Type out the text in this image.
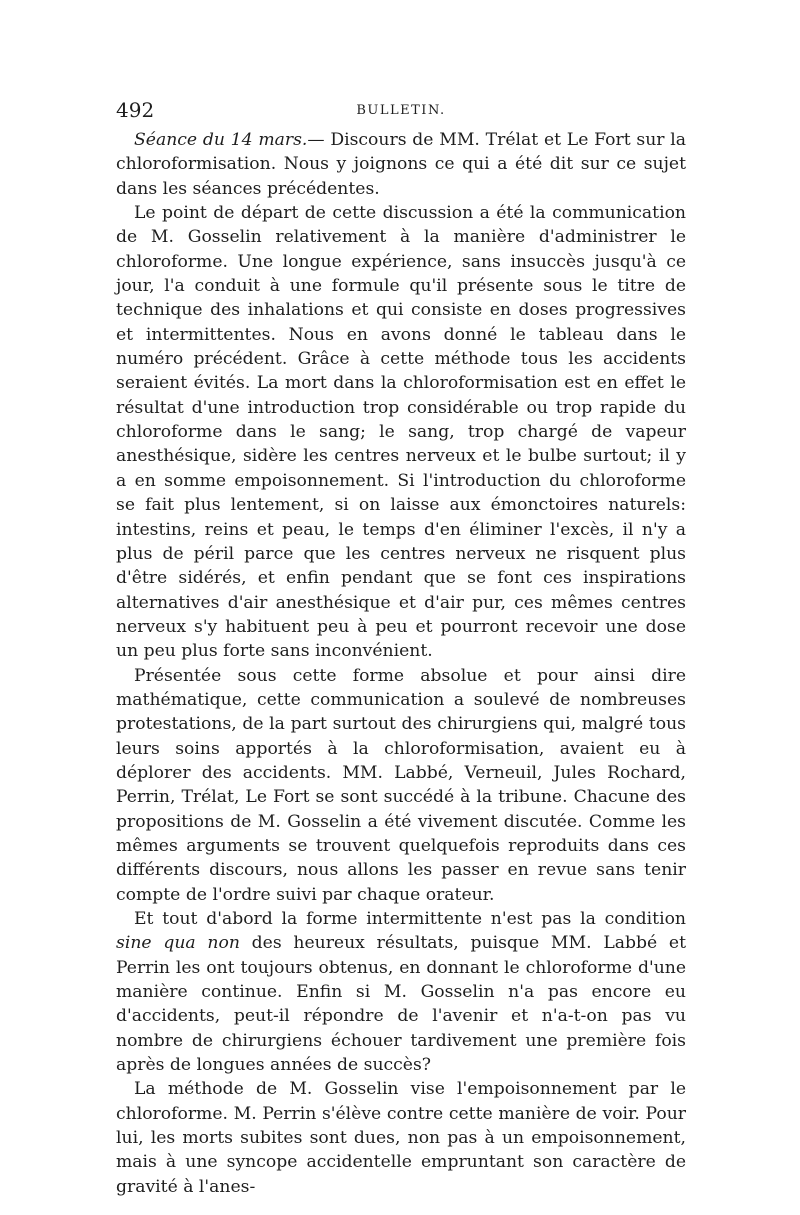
492	BULLETIN.

Séance du 14 mars.— Discours de MM. Trélat et Le Fort sur la chloroformisation. Nous y joignons ce qui a été dit sur ce sujet dans les séances précédentes.

Le point de départ de cette discussion a été la communication de M. Gosselin relativement à la manière d'administrer le chloroforme. Une longue expérience, sans insuccès jusqu'à ce jour, l'a conduit à une formule qu'il présente sous le titre de technique des inhalations et qui consiste en doses progressives et intermittentes. Nous en avons donné le tableau dans le numéro précédent. Grâce à cette méthode tous les accidents seraient évités. La mort dans la chloroformisation est en effet le résultat d'une introduction trop considérable ou trop rapide du chloroforme dans le sang; le sang, trop chargé de vapeur anesthésique, sidère les centres nerveux et le bulbe surtout; il y a en somme empoisonnement. Si l'introduction du chloroforme se fait plus lentement, si on laisse aux émonctoires naturels: intestins, reins et peau, le temps d'en éliminer l'excès, il n'y a plus de péril parce que les centres nerveux ne risquent plus d'être sidérés, et enfin pendant que se font ces inspirations alternatives d'air anesthésique et d'air pur, ces mêmes centres nerveux s'y habituent peu à peu et pourront recevoir une dose un peu plus forte sans inconvénient.

Présentée sous cette forme absolue et pour ainsi dire mathématique, cette communication a soulevé de nombreuses protestations, de la part surtout des chirurgiens qui, malgré tous leurs soins apportés à la chloroformisation, avaient eu à déplorer des accidents. MM. Labbé, Verneuil, Jules Rochard, Perrin, Trélat, Le Fort se sont succédé à la tribune. Chacune des propositions de M. Gosselin a été vivement discutée. Comme les mêmes arguments se trouvent quelquefois reproduits dans ces différents discours, nous allons les passer en revue sans tenir compte de l'ordre suivi par chaque orateur.

Et tout d'abord la forme intermittente n'est pas la condition sine qua non des heureux résultats, puisque MM. Labbé et Perrin les ont toujours obtenus, en donnant le chloroforme d'une manière continue. Enfin si M. Gosselin n'a pas encore eu d'accidents, peut-il répondre de l'avenir et n'a-t-on pas vu nombre de chirurgiens échouer tardivement une première fois après de longues années de succès?

La méthode de M. Gosselin vise l'empoisonnement par le chloroforme. M. Perrin s'élève contre cette manière de voir. Pour lui, les morts subites sont dues, non pas à un empoisonnement, mais à une syncope accidentelle empruntant son caractère de gravité à l'anes-
